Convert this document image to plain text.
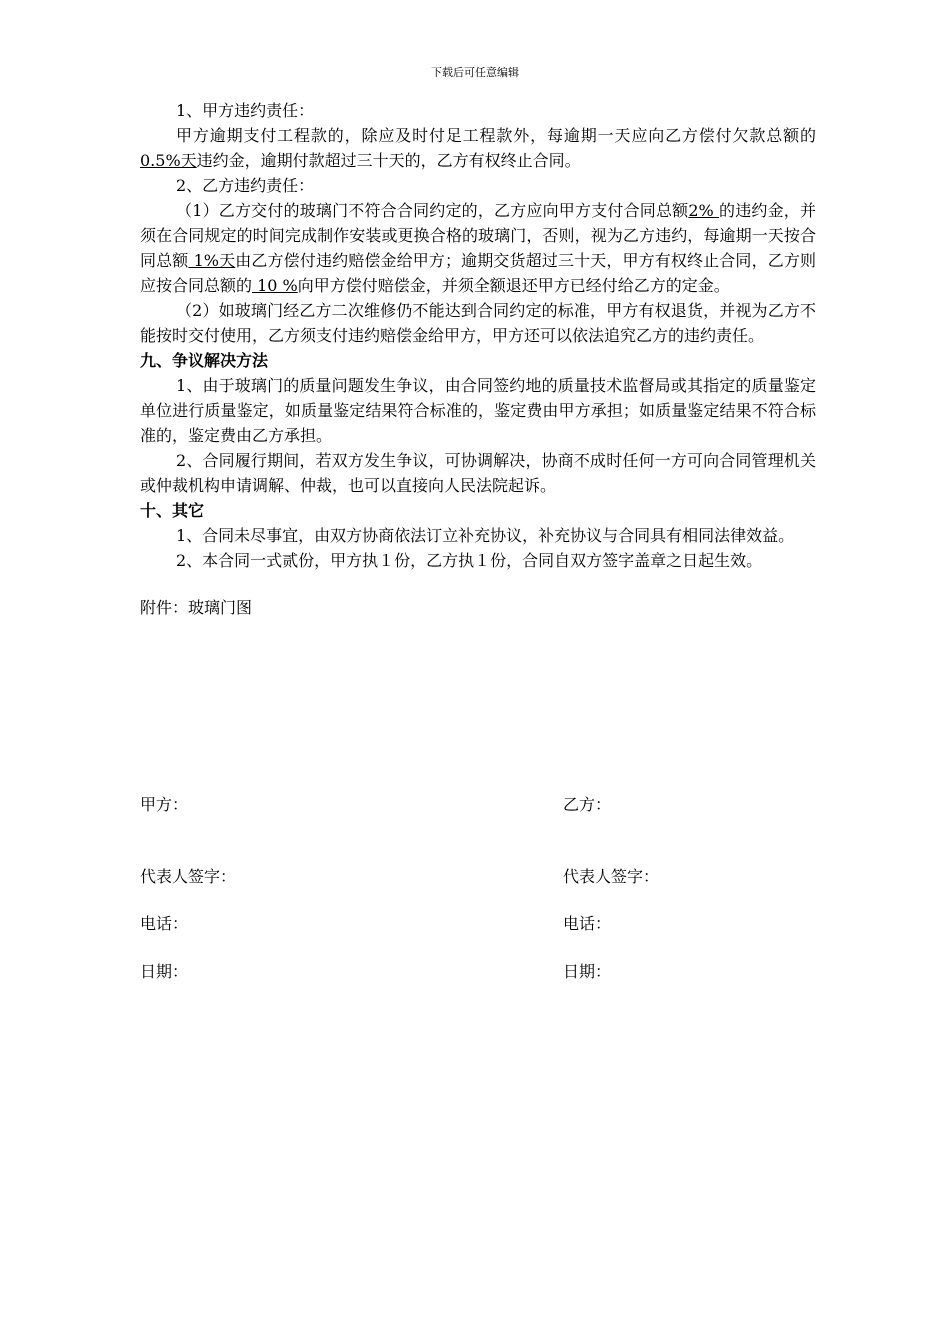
下载后可任意编辑

1、甲方违约责任：

甲方逾期支付工程款的，除应及时付足工程款外，每逾期一天应向乙方偿付欠款总额的 0.5%天违约金，逾期付款超过三十天的，乙方有权终止合同。

2、乙方违约责任：

（1）乙方交付的玻璃门不符合合同约定的，乙方应向甲方支付合同总额2% 的违约金，并须在合同规定的时间完成制作安装或更换合格的玻璃门，否则，视为乙方违约，每逾期一天按合同总额 1%天由乙方偿付违约赔偿金给甲方；逾期交货超过三十天，甲方有权终止合同，乙方则应按合同总额的 10 %向甲方偿付赔偿金，并须全额退还甲方已经付给乙方的定金。

（2）如玻璃门经乙方二次维修仍不能达到合同约定的标准，甲方有权退货，并视为乙方不能按时交付使用，乙方须支付违约赔偿金给甲方，甲方还可以依法追究乙方的违约责任。

九、争议解决方法

1、由于玻璃门的质量问题发生争议，由合同签约地的质量技术监督局或其指定的质量鉴定单位进行质量鉴定，如质量鉴定结果符合标准的，鉴定费由甲方承担；如质量鉴定结果不符合标准的，鉴定费由乙方承担。

2、合同履行期间，若双方发生争议，可协调解决，协商不成时任何一方可向合同管理机关或仲裁机构申请调解、仲裁，也可以直接向人民法院起诉。

十、其它

1、合同未尽事宜，由双方协商依法订立补充协议，补充协议与合同具有相同法律效益。

2、本合同一式贰份，甲方执１份，乙方执１份，合同自双方签字盖章之日起生效。

附件：玻璃门图

甲方：	乙方：
代表人签字：	代表人签字：
电话：	电话：
日期：	日期：
